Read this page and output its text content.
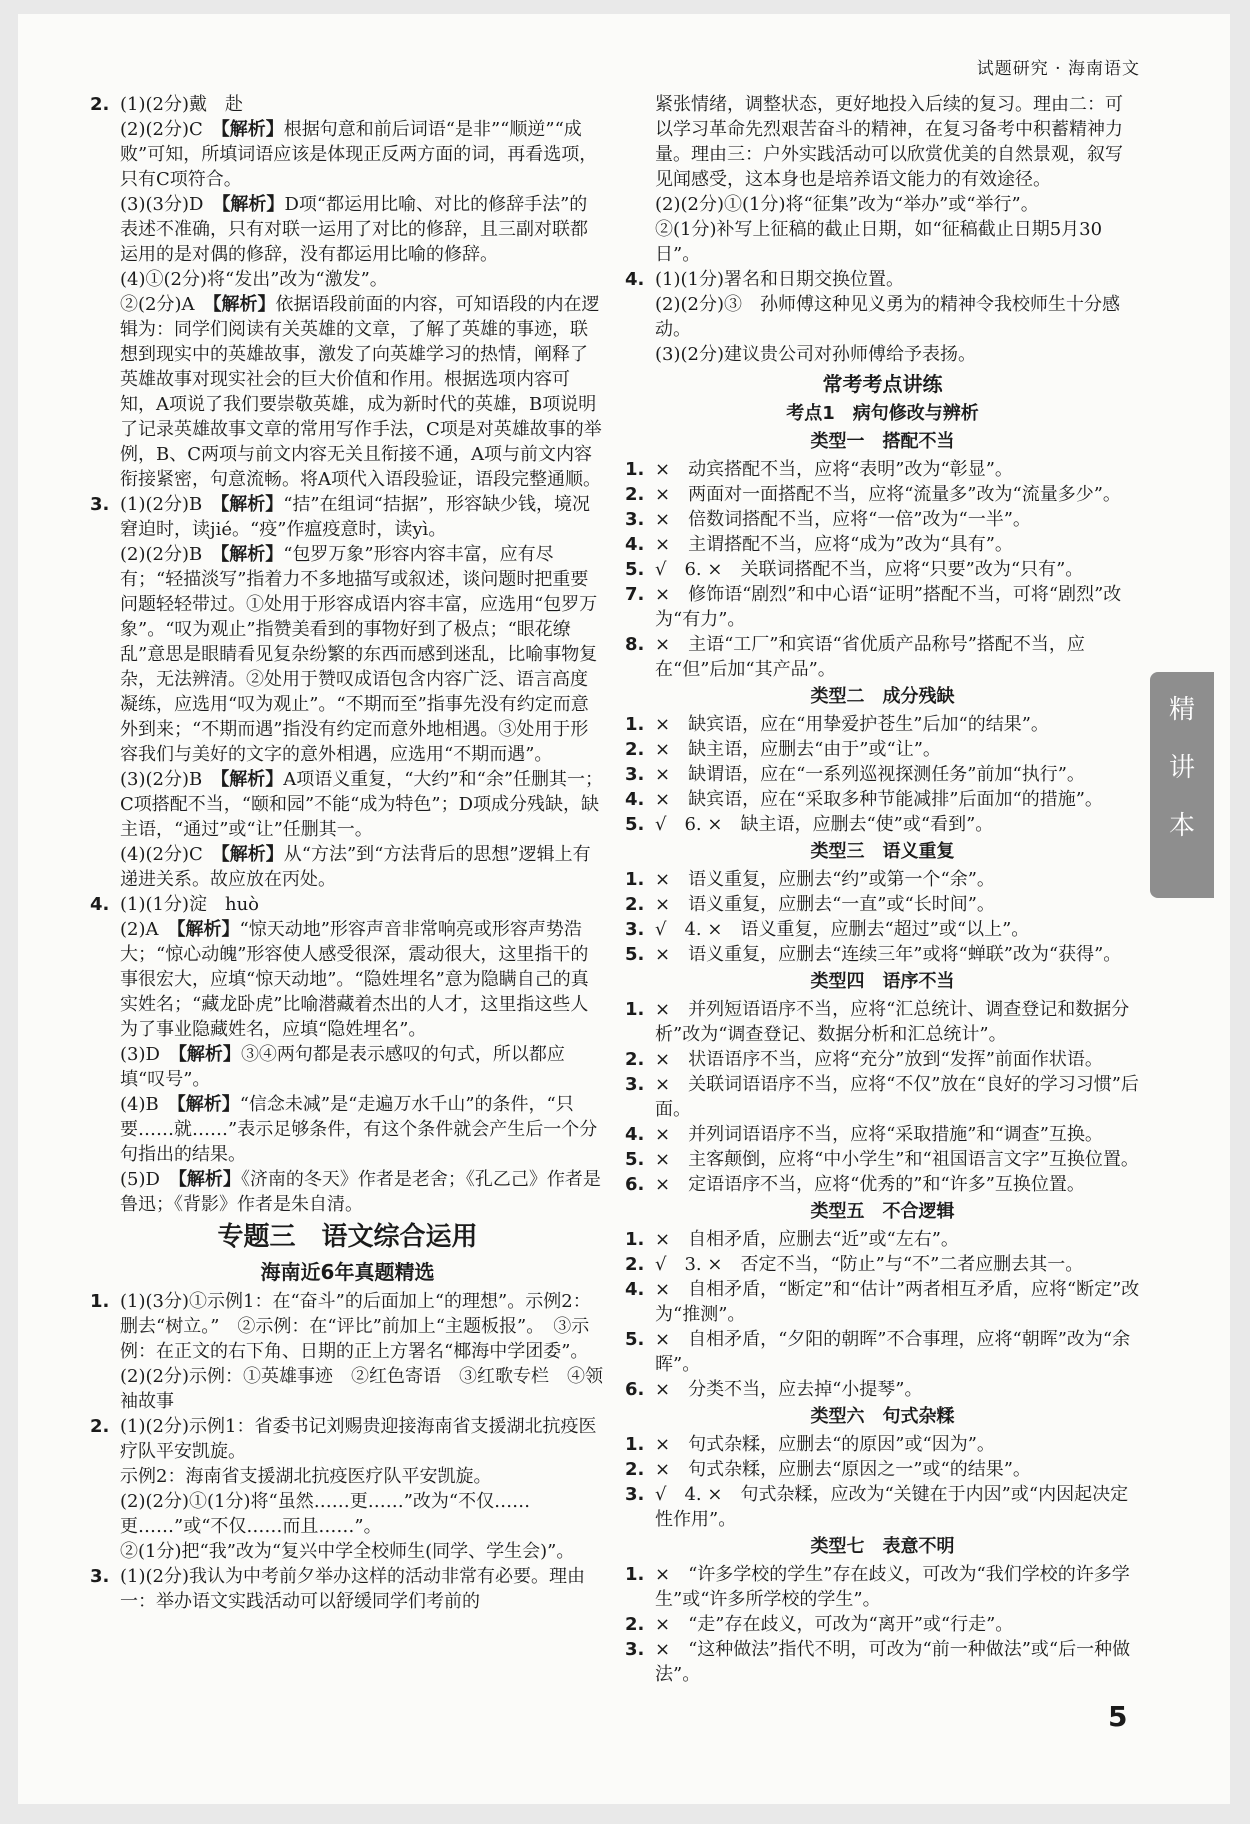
试题研究 · 海南语文
2. (1)(2分)戴　赴

(2)(2分)C　【解析】根据句意和前后词语“是非”“顺逆”“成败”可知，所填词语应该是体现正反两方面的词，再看选项，只有C项符合。

(3)(3分)D　【解析】D项“都运用比喻、对比的修辞手法”的表述不准确，只有对联一运用了对比的修辞，且三副对联都运用的是对偶的修辞，没有都运用比喻的修辞。

(4)①(2分)将“发出”改为“激发”。

②(2分)A　【解析】依据语段前面的内容，可知语段的内在逻辑为：同学们阅读有关英雄的文章，了解了英雄的事迹，联想到现实中的英雄故事，激发了向英雄学习的热情，阐释了英雄故事对现实社会的巨大价值和作用。根据选项内容可知，A项说了我们要崇敬英雄，成为新时代的英雄，B项说明了记录英雄故事文章的常用写作手法，C项是对英雄故事的举例，B、C两项与前文内容无关且衔接不通，A项与前文内容衔接紧密，句意流畅。将A项代入语段验证，语段完整通顺。

3. (1)(2分)B　【解析】“拮”在组词“拮据”，形容缺少钱，境况窘迫时，读jié。“疫”作瘟疫意时，读yì。

(2)(2分)B　【解析】“包罗万象”形容内容丰富，应有尽有；“轻描淡写”指着力不多地描写或叙述，谈问题时把重要问题轻轻带过。①处用于形容成语内容丰富，应选用“包罗万象”。“叹为观止”指赞美看到的事物好到了极点；“眼花缭乱”意思是眼睛看见复杂纷繁的东西而感到迷乱，比喻事物复杂，无法辨清。②处用于赞叹成语包含内容广泛、语言高度凝练，应选用“叹为观止”。“不期而至”指事先没有约定而意外到来；“不期而遇”指没有约定而意外地相遇。③处用于形容我们与美好的文字的意外相遇，应选用“不期而遇”。

(3)(2分)B　【解析】A项语义重复，“大约”和“余”任删其一；C项搭配不当，“颐和园”不能“成为特色”；D项成分残缺，缺主语，“通过”或“让”任删其一。

(4)(2分)C　【解析】从“方法”到“方法背后的思想”逻辑上有递进关系。故应放在丙处。

4. (1)(1分)淀　huò

(2)A　【解析】“惊天动地”形容声音非常响亮或形容声势浩大；“惊心动魄”形容使人感受很深，震动很大，这里指干的事很宏大，应填“惊天动地”。“隐姓埋名”意为隐瞒自己的真实姓名；“藏龙卧虎”比喻潜藏着杰出的人才，这里指这些人为了事业隐藏姓名，应填“隐姓埋名”。

(3)D　【解析】③④两句都是表示感叹的句式，所以都应填“叹号”。

(4)B　【解析】“信念未减”是“走遍万水千山”的条件，“只要……就……”表示足够条件，有这个条件就会产生后一个分句指出的结果。

(5)D　【解析】《济南的冬天》作者是老舍；《孔乙己》作者是鲁迅；《背影》作者是朱自清。

专题三　语文综合运用
海南近6年真题精选
1. (1)(3分)①示例1：在“奋斗”的后面加上“的理想”。示例2：删去“树立。”　②示例：在“评比”前加上“主题板报”。　③示例：在正文的右下角、日期的正上方署名“椰海中学团委”。

(2)(2分)示例：①英雄事迹　②红色寄语　③红歌专栏　④领袖故事

2. (1)(2分)示例1：省委书记刘赐贵迎接海南省支援湖北抗疫医疗队平安凯旋。

示例2：海南省支援湖北抗疫医疗队平安凯旋。

(2)(2分)①(1分)将“虽然……更……”改为“不仅……更……”或“不仅……而且……”。

②(1分)把“我”改为“复兴中学全校师生(同学、学生会)”。

3. (1)(2分)我认为中考前夕举办这样的活动非常有必要。理由一：举办语文实践活动可以舒缓同学们考前的

紧张情绪，调整状态，更好地投入后续的复习。理由二：可以学习革命先烈艰苦奋斗的精神，在复习备考中积蓄精神力量。理由三：户外实践活动可以欣赏优美的自然景观，叙写见闻感受，这本身也是培养语文能力的有效途径。

(2)(2分)①(1分)将“征集”改为“举办”或“举行”。

②(1分)补写上征稿的截止日期，如“征稿截止日期5月30日”。

4. (1)(1分)署名和日期交换位置。

(2)(2分)③　孙师傅这种见义勇为的精神令我校师生十分感动。

(3)(2分)建议贵公司对孙师傅给予表扬。

常考考点讲练
考点1　病句修改与辨析
类型一　搭配不当
1. ×　 动宾搭配不当，应将“表明”改为“彰显”。

2. ×　 两面对一面搭配不当，应将“流量多”改为“流量多少”。

3. ×　 倍数词搭配不当，应将“一倍”改为“一半”。

4. ×　 主谓搭配不当，应将“成为”改为“具有”。

5. √　 6. ×　关联词搭配不当，应将“只要”改为“只有”。

7. ×　 修饰语“剧烈”和中心语“证明”搭配不当，可将“剧烈”改为“有力”。

8. ×　 主语“工厂”和宾语“省优质产品称号”搭配不当，应在“但”后加“其产品”。

类型二　成分残缺
1. ×　 缺宾语，应在“用挚爱护苍生”后加“的结果”。

2. ×　 缺主语，应删去“由于”或“让”。

3. ×　 缺谓语，应在“一系列巡视探测任务”前加“执行”。

4. ×　 缺宾语，应在“采取多种节能减排”后面加“的措施”。

5. √　 6. ×　缺主语，应删去“使”或“看到”。

类型三　语义重复
1. ×　 语义重复，应删去“约”或第一个“余”。

2. ×　 语义重复，应删去“一直”或“长时间”。

3. √　 4. ×　语义重复，应删去“超过”或“以上”。

5. ×　 语义重复，应删去“连续三年”或将“蝉联”改为“获得”。

类型四　语序不当
1. ×　 并列短语语序不当，应将“汇总统计、调查登记和数据分析”改为“调查登记、数据分析和汇总统计”。

2. ×　 状语语序不当，应将“充分”放到“发挥”前面作状语。

3. ×　 关联词语语序不当，应将“不仅”放在“良好的学习习惯”后面。

4. ×　 并列词语语序不当，应将“采取措施”和“调查”互换。

5. ×　 主客颠倒，应将“中小学生”和“祖国语言文字”互换位置。

6. ×　 定语语序不当，应将“优秀的”和“许多”互换位置。

类型五　不合逻辑
1. ×　 自相矛盾，应删去“近”或“左右”。

2. √　 3. ×　否定不当，“防止”与“不”二者应删去其一。

4. ×　 自相矛盾，“断定”和“估计”两者相互矛盾，应将“断定”改为“推测”。

5. ×　 自相矛盾，“夕阳的朝晖”不合事理，应将“朝晖”改为“余晖”。

6. ×　 分类不当，应去掉“小提琴”。

类型六　句式杂糅
1. ×　 句式杂糅，应删去“的原因”或“因为”。

2. ×　 句式杂糅，应删去“原因之一”或“的结果”。

3. √　 4. ×　句式杂糅，应改为“关键在于内因”或“内因起决定性作用”。

类型七　表意不明
1. ×　 “许多学校的学生”存在歧义，可改为“我们学校的许多学生”或“许多所学校的学生”。

2. ×　 “走”存在歧义，可改为“离开”或“行走”。

3. ×　 “这种做法”指代不明，可改为“前一种做法”或“后一种做法”。

精
讲
本
5
